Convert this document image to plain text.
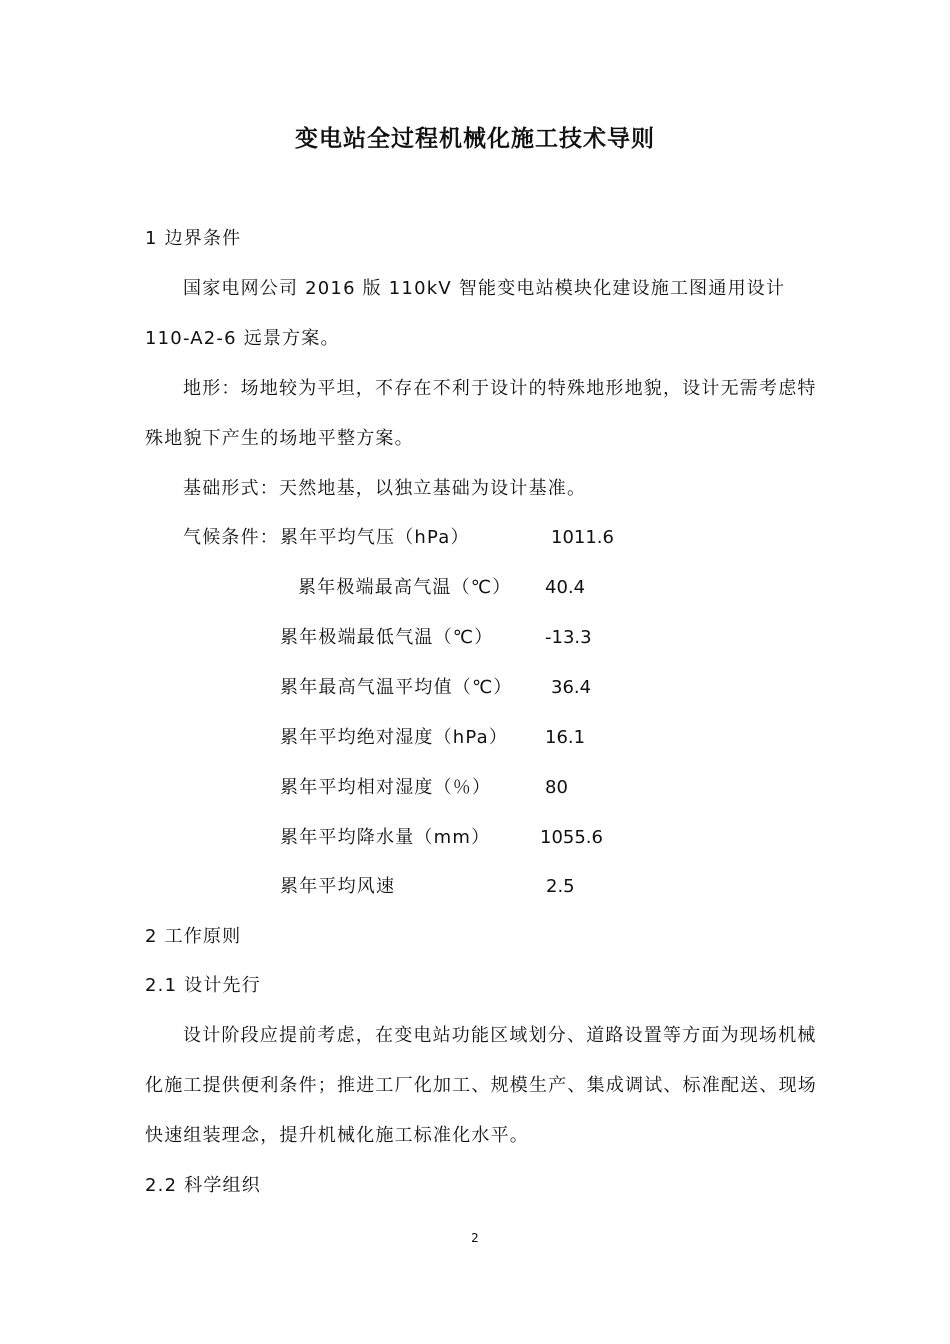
变电站全过程机械化施工技术导则
1 边界条件
国家电网公司 2016 版 110kV 智能变电站模块化建设施工图通用设计
110-A2-6 远景方案。
地形：场地较为平坦，不存在不利于设计的特殊地形地貌，设计无需考虑特
殊地貌下产生的场地平整方案。
基础形式：天然地基，以独立基础为设计基准。
气候条件： 累年平均气压（hPa）	1011.6
累年极端最高气温（℃） 40.4
累年极端最低气温（℃）	-13.3
累年最高气温平均值（℃） 36.4
累年平均绝对湿度（hPa） 16.1
累年平均相对湿度（％）	80
累年平均降水量（mm）	1055.6
累年平均风速	2.5
2 工作原则
2.1 设计先行
设计阶段应提前考虑，在变电站功能区域划分、道路设置等方面为现场机械
化施工提供便利条件；推进工厂化加工、规模生产、集成调试、标准配送、现场
快速组装理念，提升机械化施工标准化水平。
2.2 科学组织
2
